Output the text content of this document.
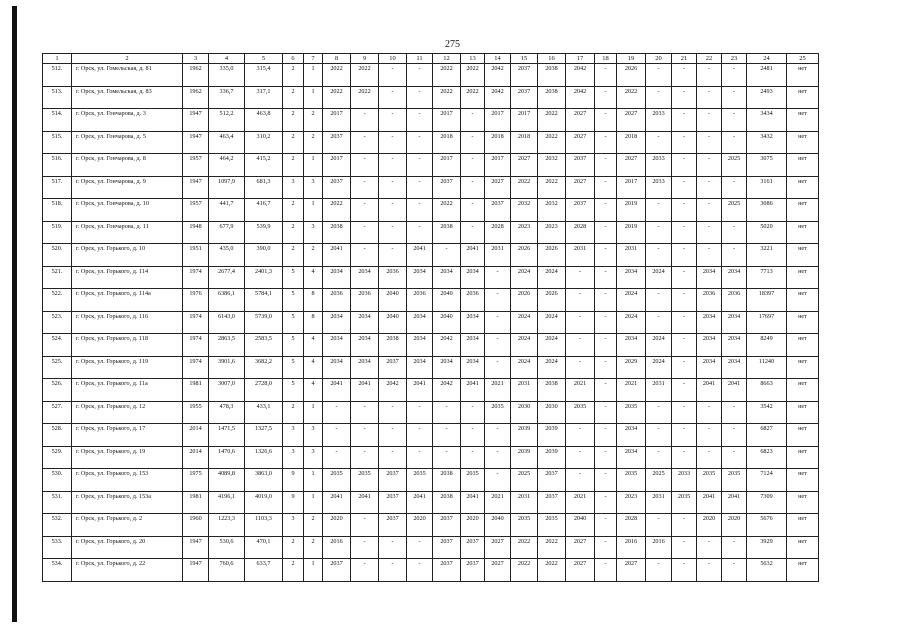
275
1	2	3	4	5	6	7	8	9	10	11	12	13	14	15	16	17	18	19	20	21	22	23	24	25
512.	г. Орск, ул. Гомельская, д. 81	1962	335,0	315,4	2	1	2022	2022	-	-	2022	2022	2042	2037	2038	2042	-	2026	-	-	-	-	2481	нет
513.	г. Орск, ул. Гомельская, д. 83	1962	336,7	317,1	2	1	2022	2022	-	-	2022	2022	2042	2037	2038	2042	-	2022	-	-	-	-	2493	нет
514.	г. Орск, ул. Гончарова, д. 3	1947	512,2	463,8	2	2	2017	-	-	-	2017	-	2017	2017	2022	2027	-	2027	2033	-	-	-	3434	нет
515.	г. Орск, ул. Гончарова, д. 5	1947	463,4	310,2	2	2	2037	-	-	-	2018	-	2018	2018	2022	2027	-	2018	-	-	-	-	3432	нет
516.	г. Орск, ул. Гончарова, д. 8	1957	464,2	415,2	2	1	2017	-	-	-	2017	-	2017	2027	2032	2037	-	2027	2033	-	-	2025	3075	нет
517.	г. Орск, ул. Гончарова, д. 9	1947	1097,9	681,3	3	3	2037	-	-	-	2037	-	2027	2022	2022	2027	-	2017	2033	-	-	-	3161	нет
518.	г. Орск, ул. Гончарова, д. 10	1957	441,7	416,7	2	1	2022	-	-	-	2022	-	2037	2032	2032	2037	-	2019	-	-	-	2025	3086	нет
519.	г. Орск, ул. Гончарова, д. 11	1948	677,9	539,9	2	3	2038	-	-	-	2038	-	2028	2023	2023	2028	-	2019	-	-	-	-	5020	нет
520.	г. Орск, ул. Горького, д. 10	1951	435,0	390,0	2	2	2041	-	-	2041	-	2041	2031	2026	2026	2031	-	2031	-	-	-	-	3221	нет
521.	г. Орск, ул. Горького, д. 114	1974	2677,4	2401,3	5	4	2034	2034	2036	2034	2034	2034	-	2024	2024	-	-	2034	2024	-	2034	2034	7713	нет
522.	г. Орск, ул. Горького, д. 114а	1976	6386,1	5784,1	5	8	2036	2036	2040	2036	2040	2036	-	2026	2026	-	-	2024	-	-	2036	2036	18397	нет
523.	г. Орск, ул. Горького, д. 116	1974	6143,0	5739,0	5	8	2034	2034	2040	2034	2040	2034	-	2024	2024	-	-	2024	-	-	2034	2034	17697	нет
524.	г. Орск, ул. Горького, д. 118	1974	2863,5	2583,5	5	4	2034	2034	2038	2034	2042	2034	-	2024	2024	-	-	2034	2024	-	2034	2034	8249	нет
525.	г. Орск, ул. Горького, д. 119	1974	3901,6	3682,2	5	4	2034	2034	2037	2034	2034	2034	-	2024	2024	-	-	2029	2024	-	2034	2034	11240	нет
526.	г. Орск, ул. Горького, д. 11а	1981	3007,0	2728,0	5	4	2041	2041	2042	2041	2042	2041	2021	2031	2038	2021	-	2021	2031	-	2041	2041	8663	нет
527.	г. Орск, ул. Горького, д. 12	1955	478,3	433,1	2	1	-	-	-	-	-	-	2035	2030	2030	2035	-	2035	-	-	-	-	3542	нет
528.	г. Орск, ул. Горького, д. 17	2014	1471,5	1327,5	3	3	-	-	-	-	-	-	-	2039	2039	-	-	2034	-	-	-	-	6827	нет
529.	г. Орск, ул. Горького, д. 19	2014	1470,6	1326,6	3	3	-	-	-	-	-	-	-	2039	2039	-	-	2034	-	-	-	-	6823	нет
530.	г. Орск, ул. Горького, д. 153	1975	4089,8	3863,0	9	1	2035	2035	2037	2035	2038	2035	-	2025	2037	-	-	2035	2025	2033	2035	2035	7124	нет
531.	г. Орск, ул. Горького, д. 153а	1981	4196,1	4019,0	9	1	2041	2041	2037	2041	2038	2041	2021	2031	2037	2021	-	2023	2031	2035	2041	2041	7309	нет
532.	г. Орск, ул. Горького, д. 2	1960	1223,3	1103,3	3	2	2020	-	2037	2020	2037	2020	2040	2035	2035	2040	-	2028	-	-	2020	2020	5676	нет
533.	г. Орск, ул. Горького, д. 20	1947	530,6	470,1	2	2	2016	-	-	-	2037	2037	2027	2022	2022	2027	-	2016	2016	-	-	-	3929	нет
534.	г. Орск, ул. Горького, д. 22	1947	760,6	633,7	2	1	2037	-	-	-	2037	2037	2027	2022	2022	2027	-	2027	-	-	-	-	5632	нет
